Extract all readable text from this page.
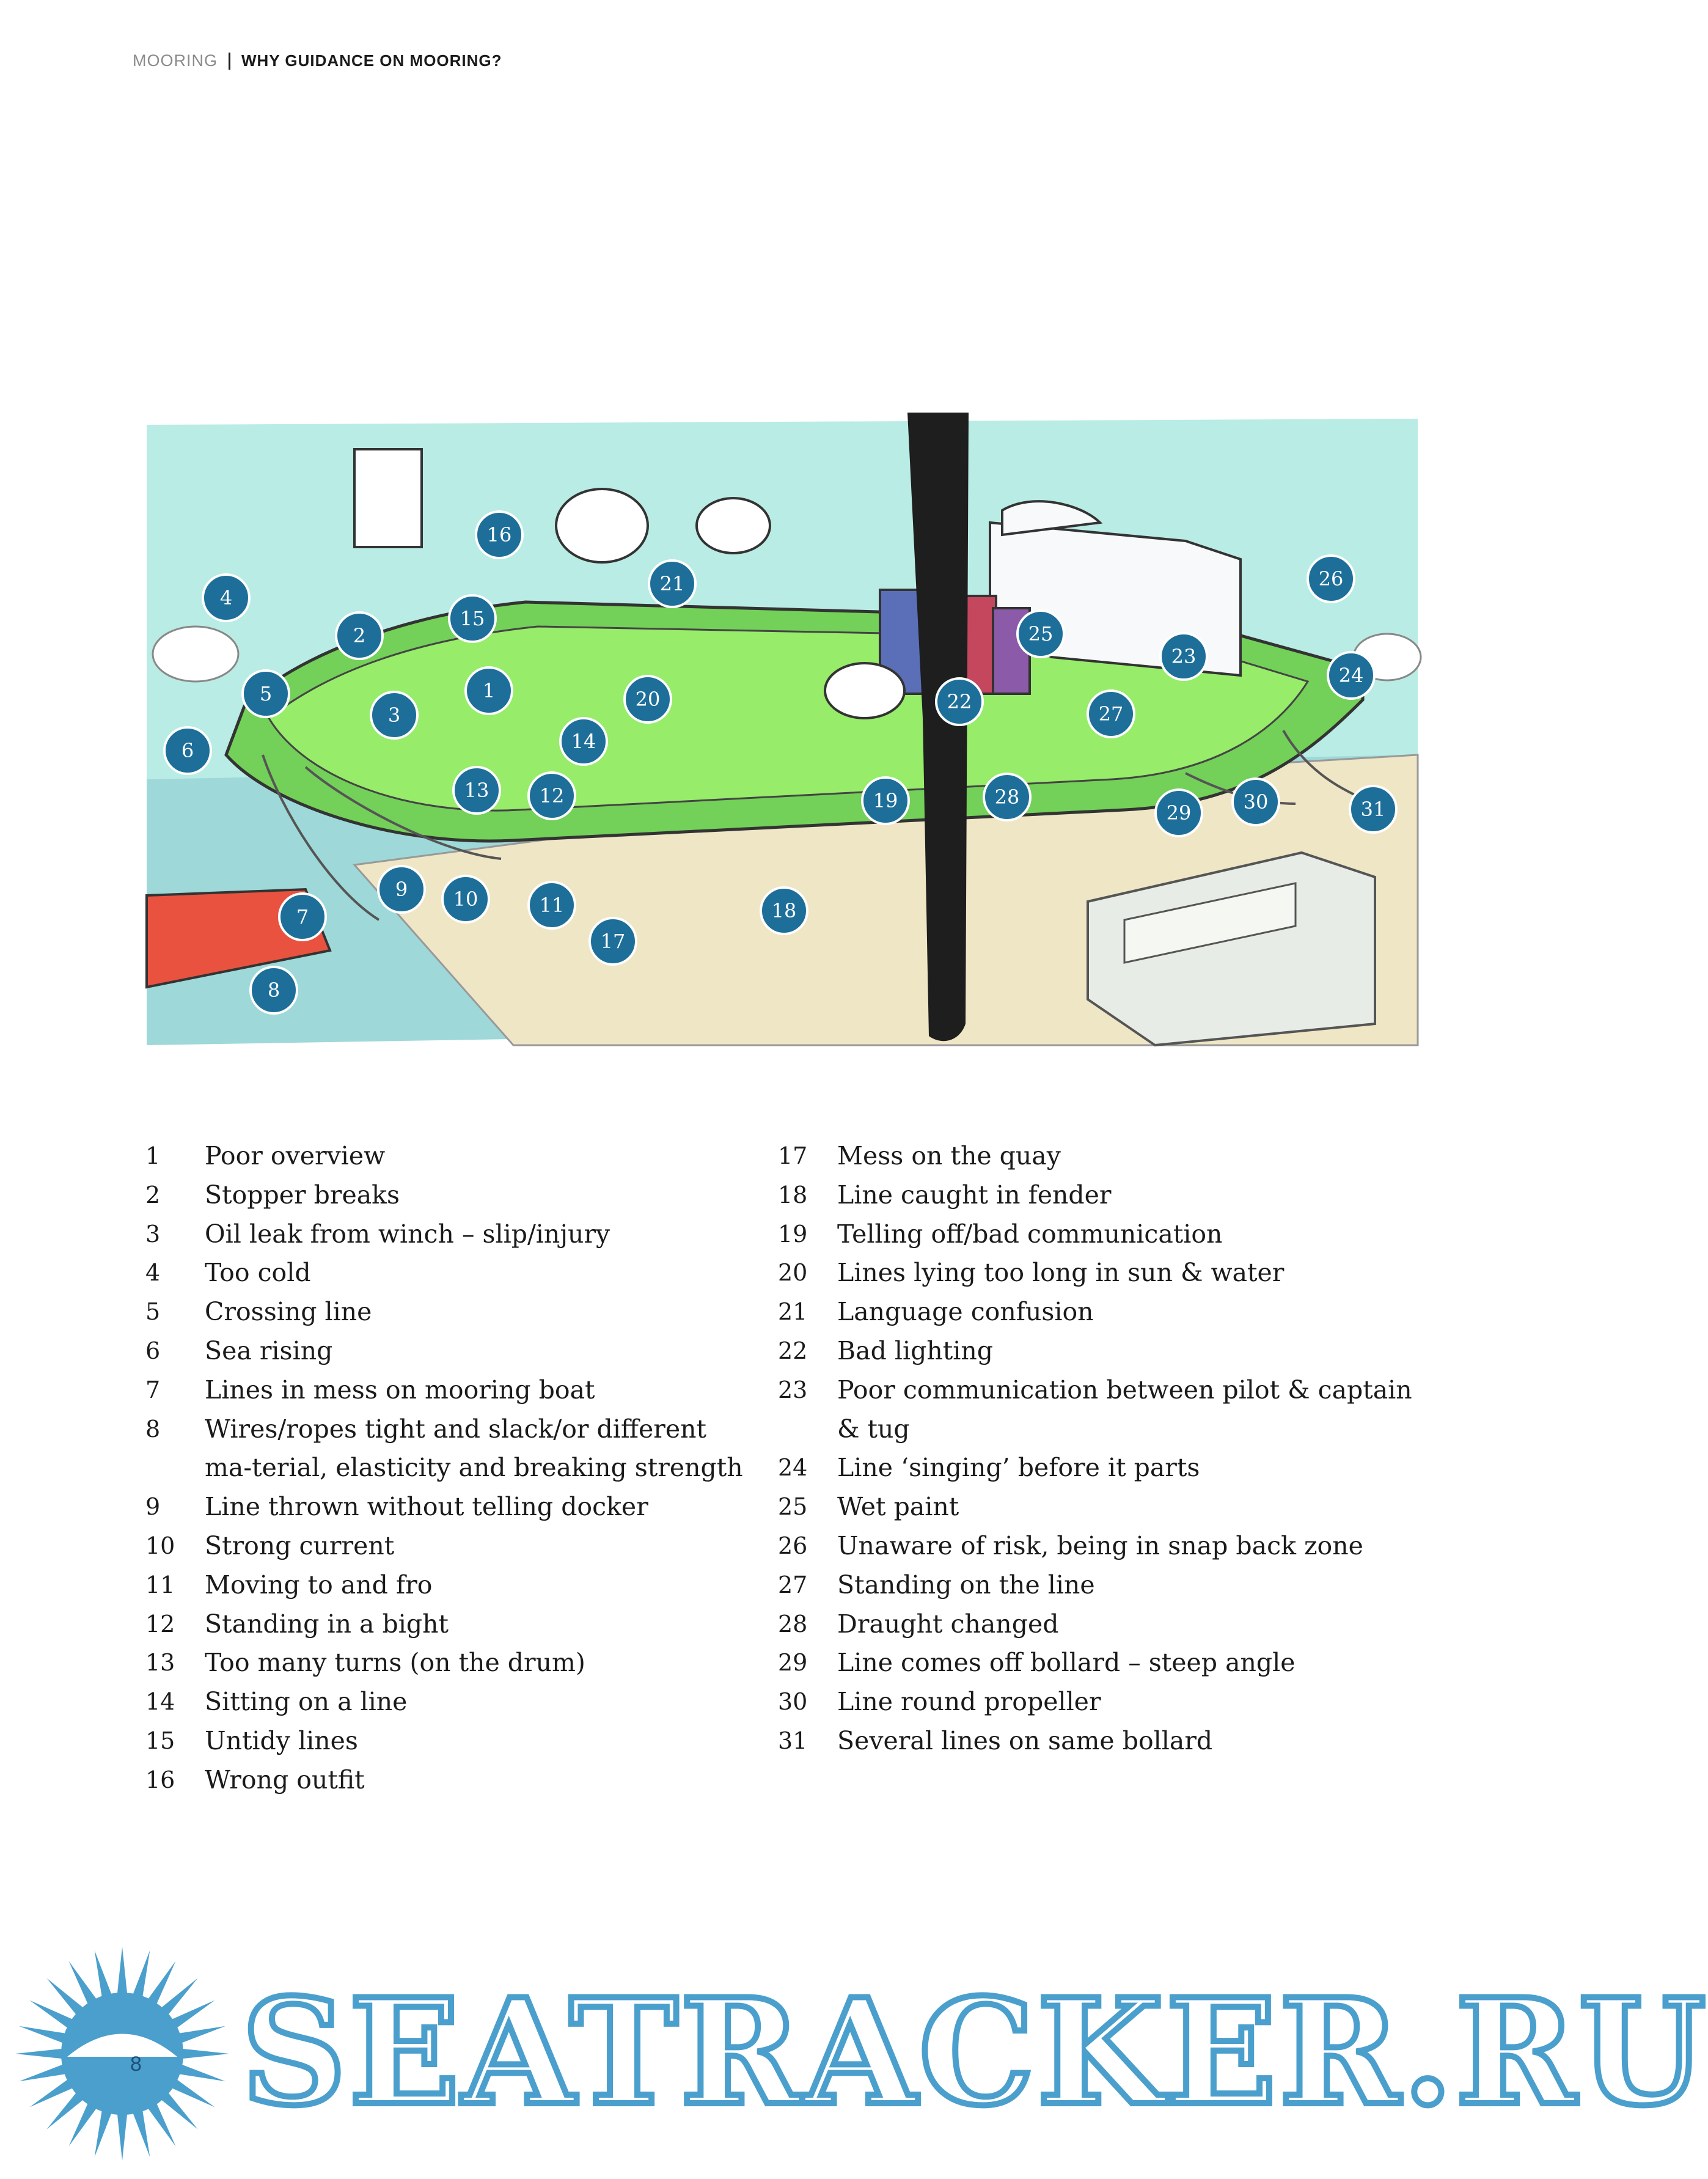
MOORING WHY GUIDANCE ON MOORING?
1
2
3
4
5
6
7
8
9	10	11
12
13
14
15
16
17
18
19
20
21
22
23
24
25
26
27
28
29	30	31
1	Poor overview
2	Stopper breaks
3	Oil leak from winch – slip/injury
4	Too cold
5	Crossing line
6	Sea rising
7	Lines in mess on mooring boat
8	Wires/ropes tight and slack/or different ma-terial, elasticity and breaking strength
9	Line thrown without telling docker
10	Strong current
11	Moving to and fro
12	Standing in a bight
13	Too many turns (on the drum)
14	Sitting on a line
15	Untidy lines
16	Wrong outfit
17	Mess on the quay
18	Line caught in fender
19	Telling off/bad communication
20	Lines lying too long in sun & water
21	Language confusion
22	Bad lighting
23	Poor communication between pilot & captain & tug
24	Line ‘singing’ before it parts
25	Wet paint
26	Unaware of risk, being in snap back zone
27	Standing on the line
28	Draught changed
29	Line comes off bollard – steep angle
30	Line round propeller
31	Several lines on same bollard
8 SEATRACKER.RU
